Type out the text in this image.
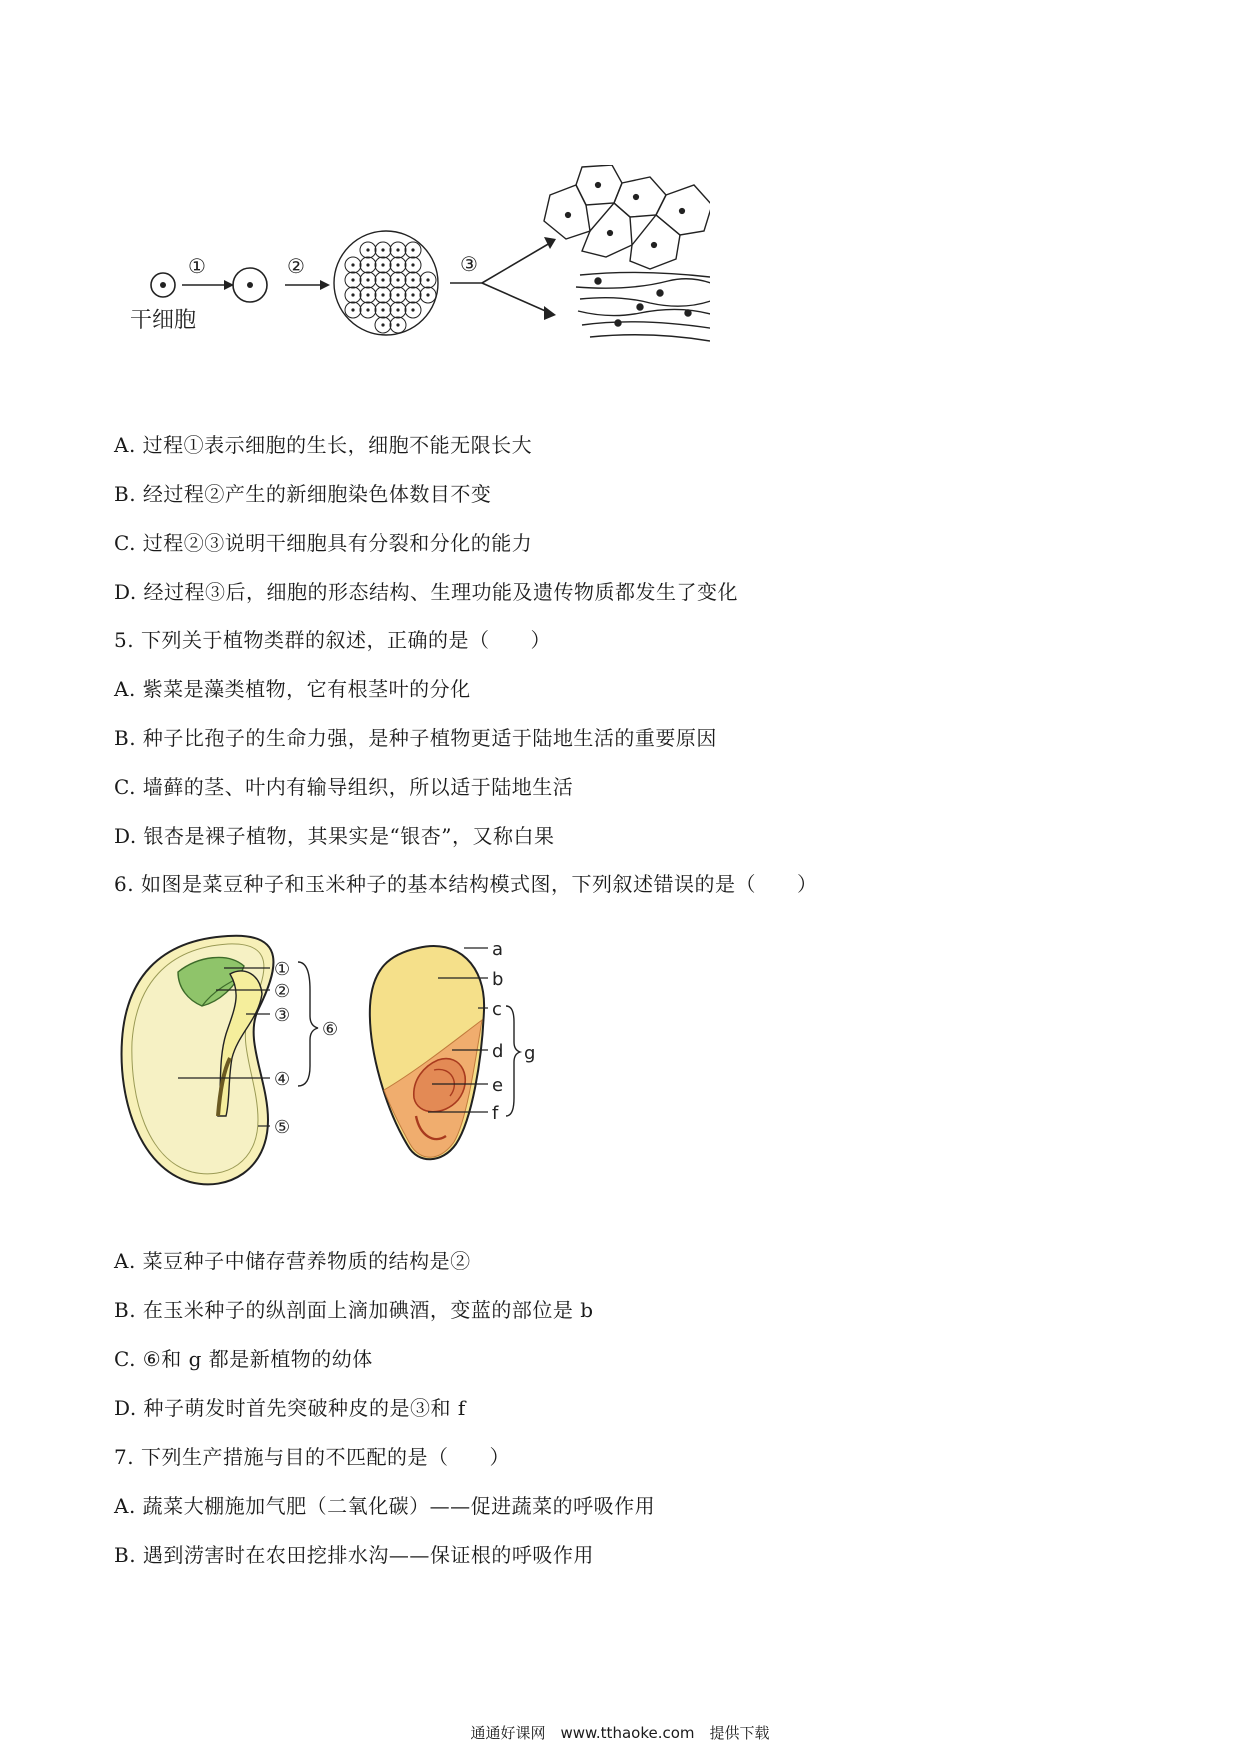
干细胞
①	②	③
A. 过程①表示细胞的生长，细胞不能无限长大
B. 经过程②产生的新细胞染色体数目不变
C. 过程②③说明干细胞具有分裂和分化的能力
D. 经过程③后，细胞的形态结构、生理功能及遗传物质都发生了变化
5. 下列关于植物类群的叙述，正确的是（　　）
A. 紫菜是藻类植物，它有根茎叶的分化
B. 种子比孢子的生命力强，是种子植物更适于陆地生活的重要原因
C. 墙藓的茎、叶内有输导组织，所以适于陆地生活
D. 银杏是裸子植物，其果实是“银杏”，又称白果
6. 如图是菜豆种子和玉米种子的基本结构模式图，下列叙述错误的是（　　）
①
②
③
④
⑤
⑥
a
b
c
d
e
f
g
A. 菜豆种子中储存营养物质的结构是②
B. 在玉米种子的纵剖面上滴加碘酒，变蓝的部位是 b
C. ⑥和 g 都是新植物的幼体
D. 种子萌发时首先突破种皮的是③和 f
7. 下列生产措施与目的不匹配的是（　　）
A. 蔬菜大棚施加气肥（二氧化碳）——促进蔬菜的呼吸作用
B. 遇到涝害时在农田挖排水沟——保证根的呼吸作用
通通好课网　www.tthaoke.com　提供下载
